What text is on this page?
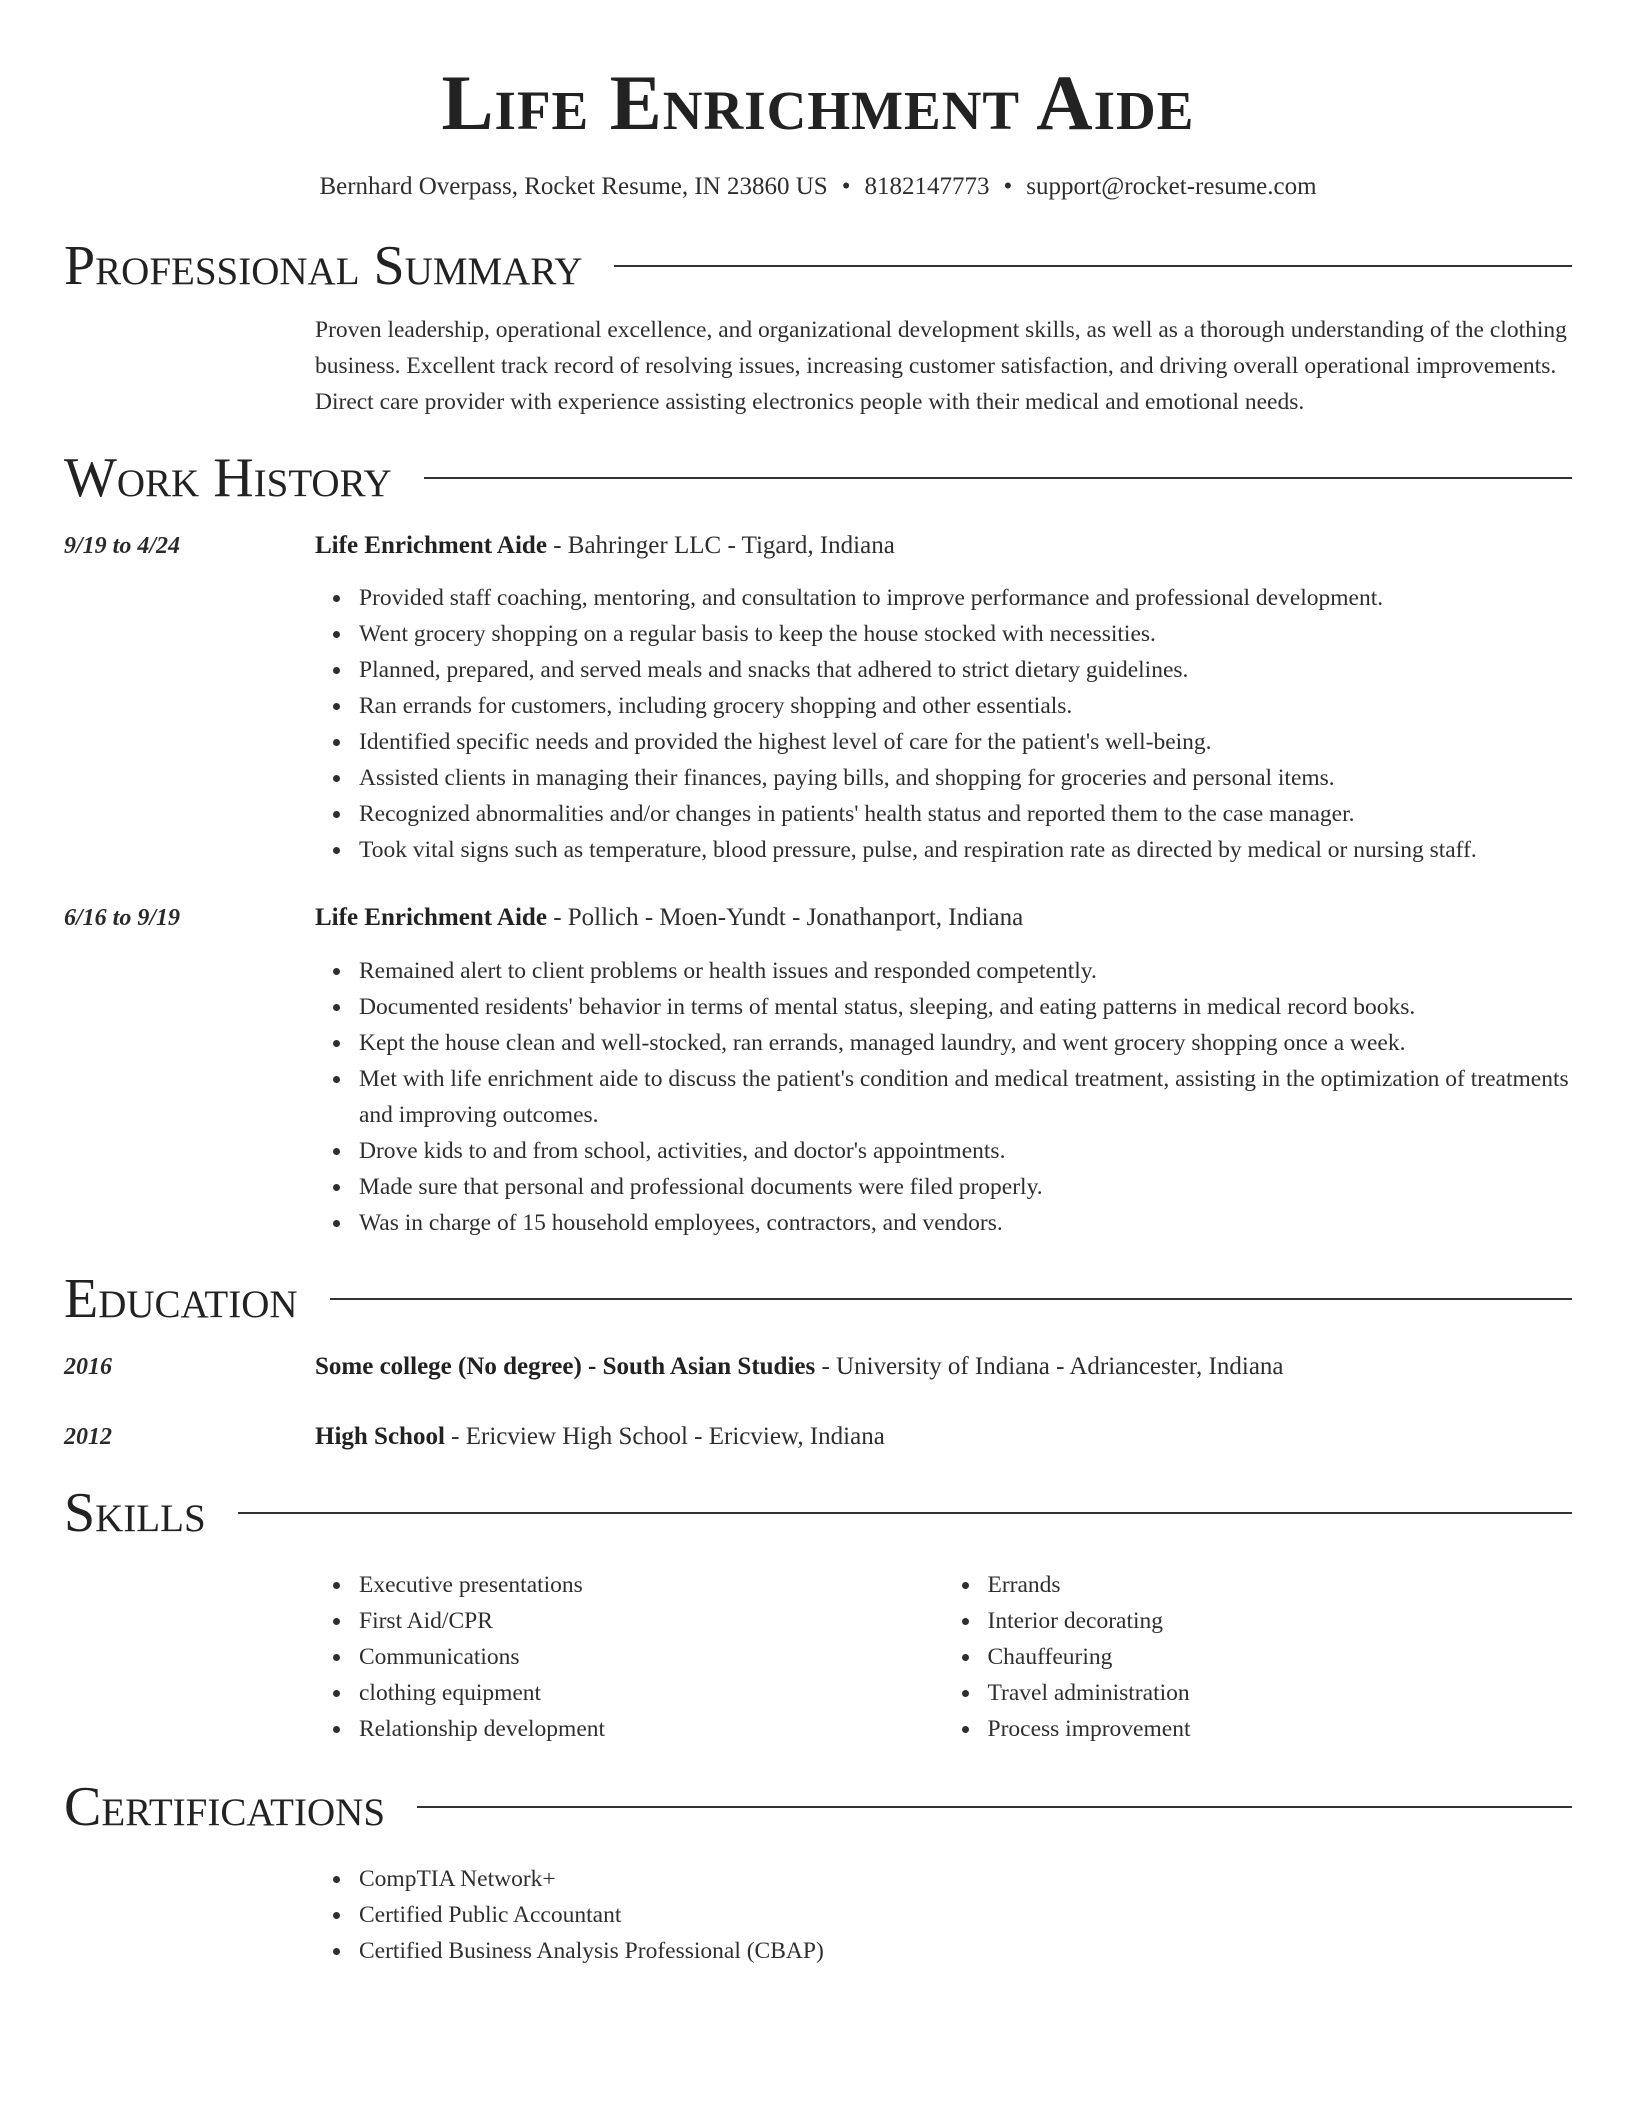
Life Enrichment Aide
Bernhard Overpass, Rocket Resume, IN 23860 US • 8182147773 • support@rocket-resume.com
Professional Summary
Proven leadership, operational excellence, and organizational development skills, as well as a thorough understanding of the clothing business. Excellent track record of resolving issues, increasing customer satisfaction, and driving overall operational improvements. Direct care provider with experience assisting electronics people with their medical and emotional needs.
Work History
9/19 to 4/24	Life Enrichment Aide - Bahringer LLC - Tigard, Indiana
Provided staff coaching, mentoring, and consultation to improve performance and professional development.
Went grocery shopping on a regular basis to keep the house stocked with necessities.
Planned, prepared, and served meals and snacks that adhered to strict dietary guidelines.
Ran errands for customers, including grocery shopping and other essentials.
Identified specific needs and provided the highest level of care for the patient's well-being.
Assisted clients in managing their finances, paying bills, and shopping for groceries and personal items.
Recognized abnormalities and/or changes in patients' health status and reported them to the case manager.
Took vital signs such as temperature, blood pressure, pulse, and respiration rate as directed by medical or nursing staff.
6/16 to 9/19	Life Enrichment Aide - Pollich - Moen-Yundt - Jonathanport, Indiana
Remained alert to client problems or health issues and responded competently.
Documented residents' behavior in terms of mental status, sleeping, and eating patterns in medical record books.
Kept the house clean and well-stocked, ran errands, managed laundry, and went grocery shopping once a week.
Met with life enrichment aide to discuss the patient's condition and medical treatment, assisting in the optimization of treatments and improving outcomes.
Drove kids to and from school, activities, and doctor's appointments.
Made sure that personal and professional documents were filed properly.
Was in charge of 15 household employees, contractors, and vendors.
Education
2016	Some college (No degree) - South Asian Studies - University of Indiana - Adriancester, Indiana
2012	High School - Ericview High School - Ericview, Indiana
Skills
Executive presentations
First Aid/CPR
Communications
clothing equipment
Relationship development
Errands
Interior decorating
Chauffeuring
Travel administration
Process improvement
Certifications
CompTIA Network+
Certified Public Accountant
Certified Business Analysis Professional (CBAP)
